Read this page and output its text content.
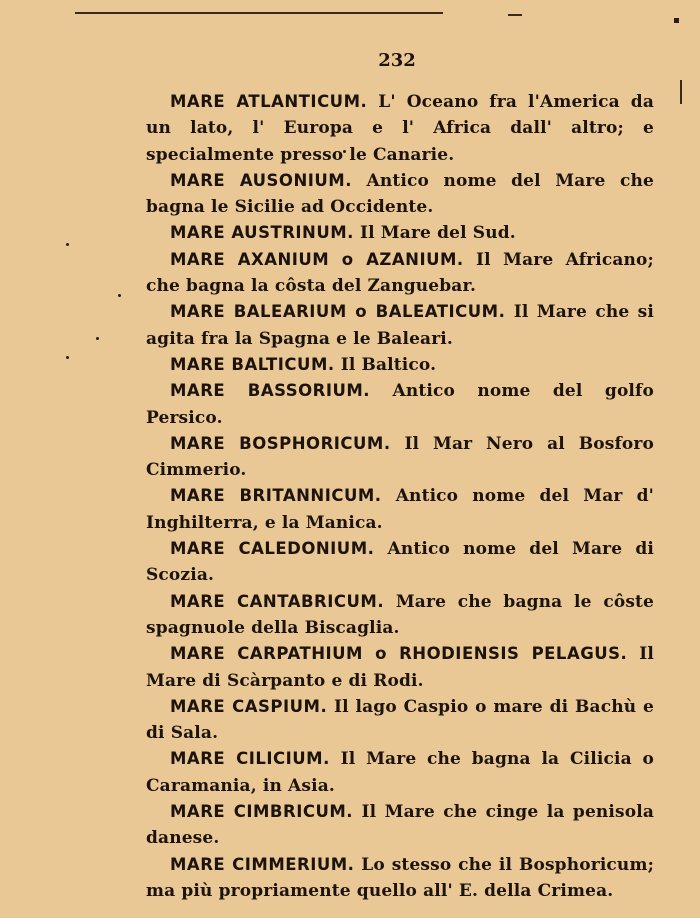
232

MARE ATLANTICUM. L' Oceano fra l'America da un lato, l' Europa e l' Africa dall' altro; e specialmente presso le Canarie.

MARE AUSONIUM. Antico nome del Mare che bagna le Sicilie ad Occidente.

MARE AUSTRINUM. Il Mare del Sud.

MARE AXANIUM o AZANIUM. Il Mare Africano; che bagna la côsta del Zanguebar.

MARE BALEARIUM o BALEATICUM. Il Mare che si agita fra la Spagna e le Baleari.

MARE BALTICUM. Il Baltico.

MARE BASSORIUM. Antico nome del golfo Persico.

MARE BOSPHORICUM. Il Mar Nero al Bosforo Cimmerio.

MARE BRITANNICUM. Antico nome del Mar d' Inghilterra, e la Manica.

MARE CALEDONIUM. Antico nome del Mare di Scozia.

MARE CANTABRICUM. Mare che bagna le côste spagnuole della Biscaglia.

MARE CARPATHIUM o RHODIENSIS PELAGUS. Il Mare di Scàrpanto e di Rodi.

MARE CASPIUM. Il lago Caspio o mare di Bachù e di Sala.

MARE CILICIUM. Il Mare che bagna la Cilicia o Caramania, in Asia.

MARE CIMBRICUM. Il Mare che cinge la penisola danese.

MARE CIMMERIUM. Lo stesso che il Bosphoricum; ma più propriamente quello all' E. della Crimea.
